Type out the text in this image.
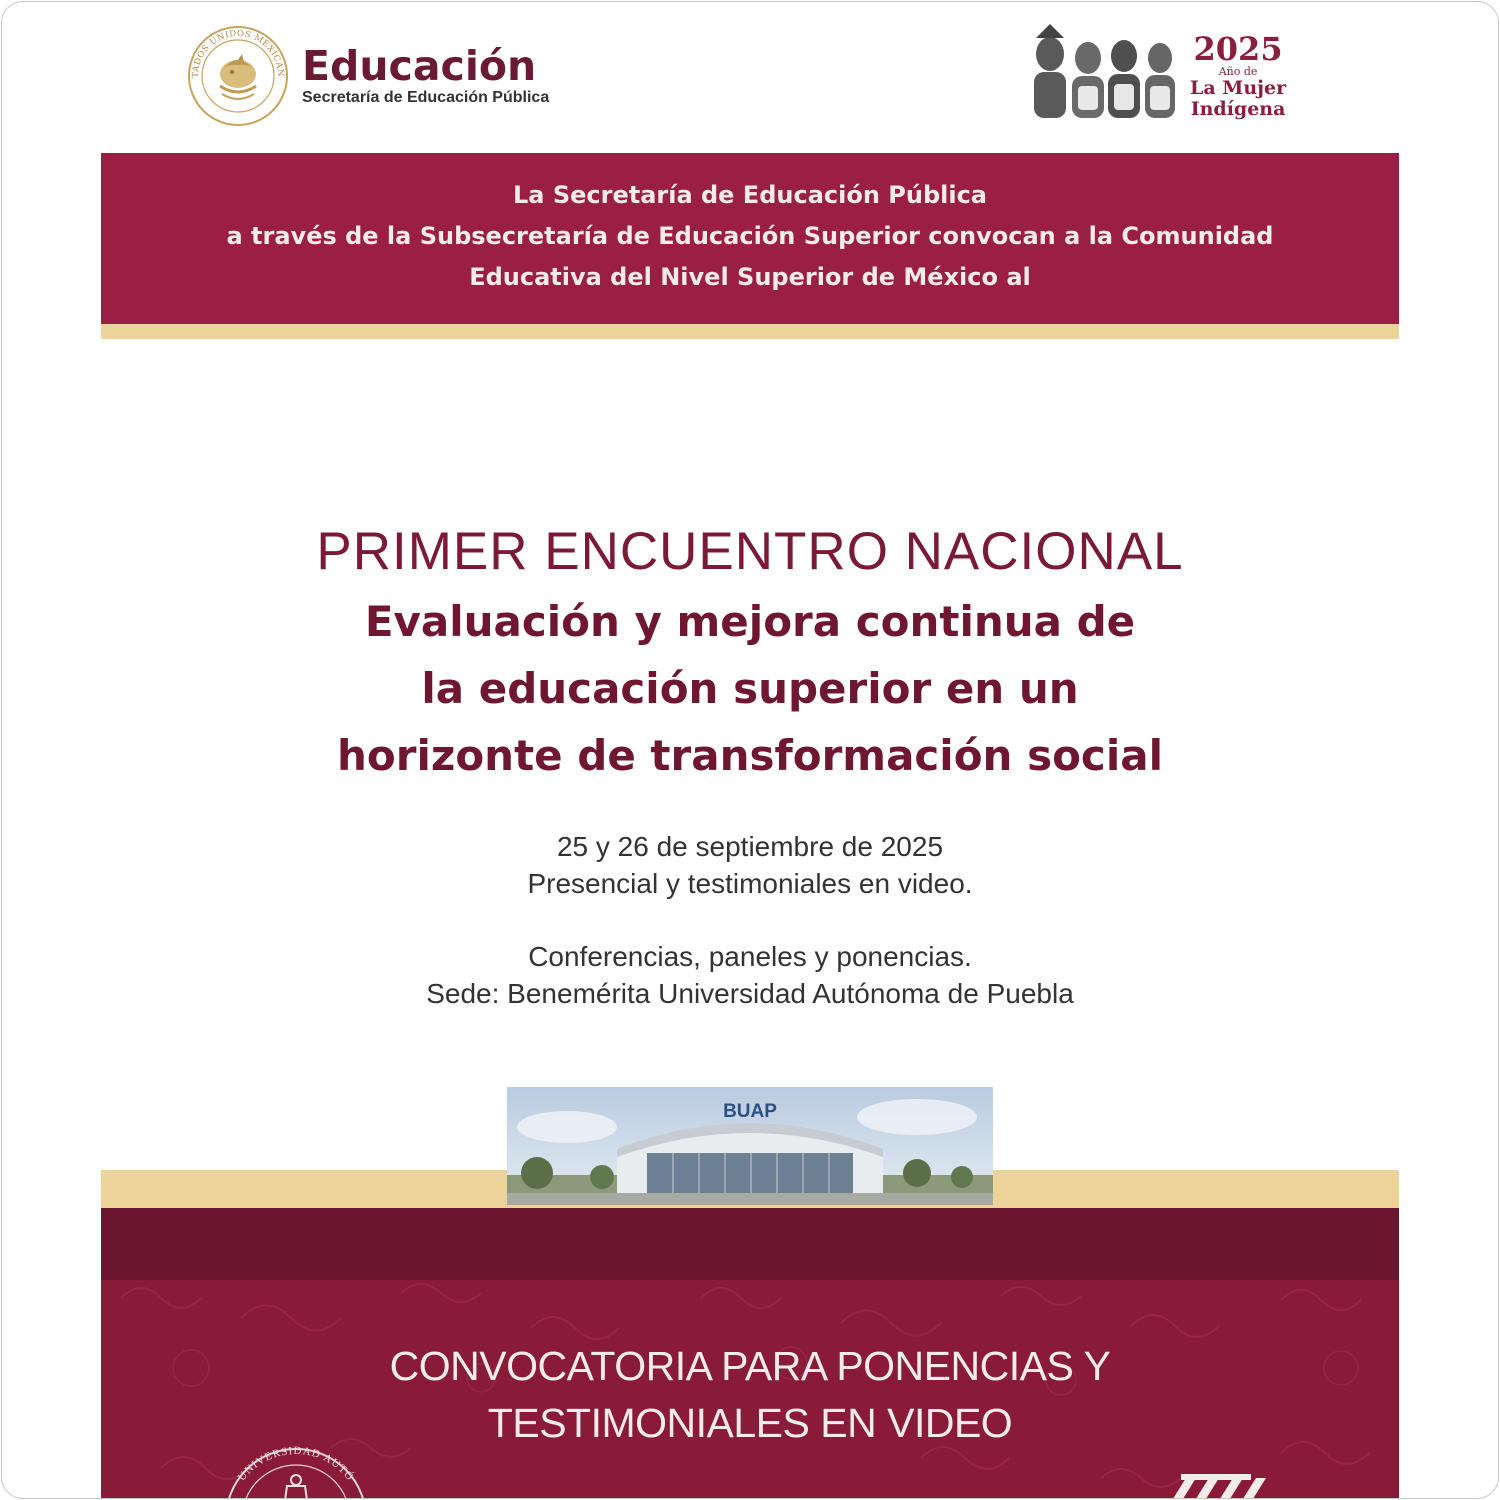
TADOS UNIDOS MEXICAN Educación
Secretaría de Educación Pública
2025
Año de
La Mujer
Indígena
La Secretaría de Educación Pública
a través de la Subsecretaría de Educación Superior convocan a la Comunidad
Educativa del Nivel Superior de México al
PRIMER ENCUENTRO NACIONAL
Evaluación y mejora continua de
la educación superior en un
horizonte de transformación social
25 y 26 de septiembre de 2025
Presencial y testimoniales en video.
Conferencias, paneles y ponencias.
Sede: Benemérita Universidad Autónoma de Puebla
BUAP
CONVOCATORIA PARA PONENCIAS Y
TESTIMONIALES EN VIDEO
UNIVERSIDAD AUTÓ
